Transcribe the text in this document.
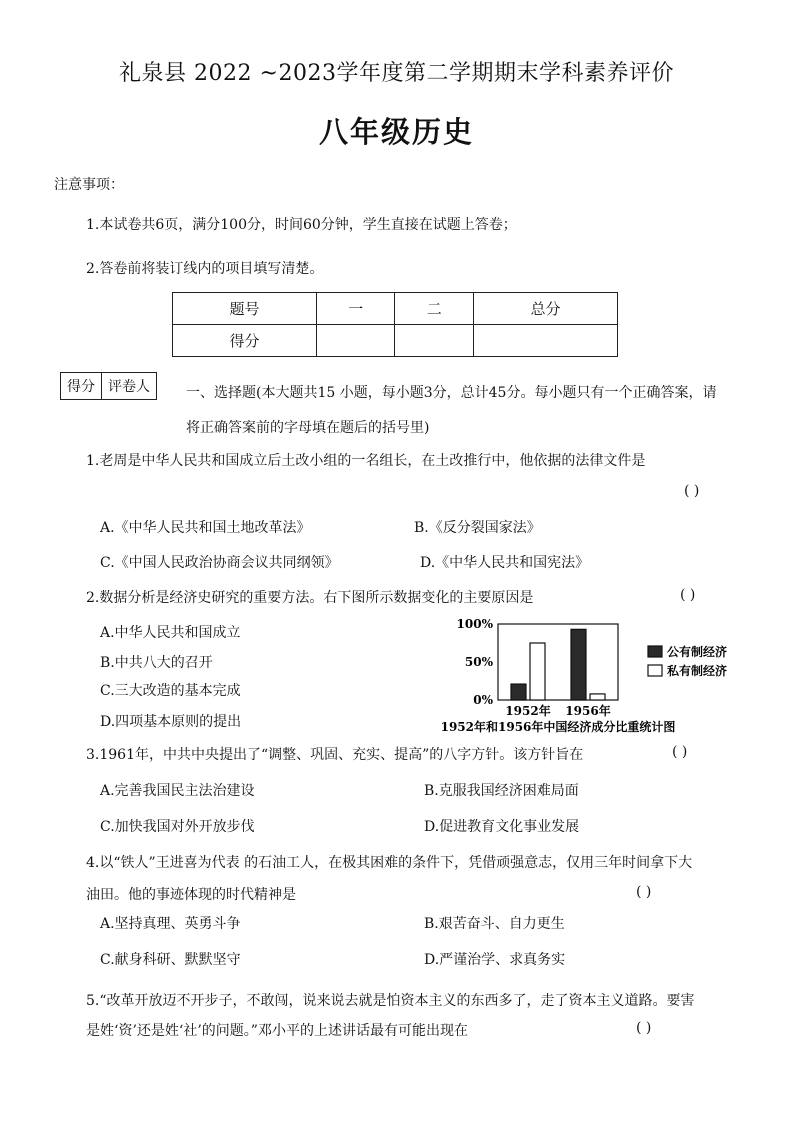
礼泉县 2022 ~2023学年度第二学期期末学科素养评价
八年级历史
注意事项：
1.本试卷共6页，满分100分，时间60分钟，学生直接在试题上答卷；
2.答卷前将装订线内的项目填写清楚。
题号	一	二	总分
得分			
得分	评卷人	一、选择题(本大题共15 小题，每小题3分，总计45分。每小题只有一个正确答案，请
将正确答案前的字母填在题后的括号里)
1.老周是中华人民共和国成立后土改小组的一名组长，在土改推行中，他依据的法律文件是
( )
A.《中华人民共和国土地改革法》	B.《反分裂国家法》
C.《中国人民政治协商会议共同纲领》	D.《中华人民共和国宪法》
2.数据分析是经济史研究的重要方法。右下图所示数据变化的主要原因是	( )
A.中华人民共和国成立
B.中共八大的召开
C.三大改造的基本完成
D.四项基本原则的提出
100%
50%
0%
1952年 1956年
公有制经济
私有制经济
1952年和1956年中国经济成分比重统计图
3.1961年，中共中央提出了“调整、巩固、充实、提高”的八字方针。该方针旨在	( )
A.完善我国民主法治建设	B.克服我国经济困难局面
C.加快我国对外开放步伐	D.促进教育文化事业发展
4.以“铁人”王进喜为代表 的石油工人，在极其困难的条件下，凭借顽强意志，仅用三年时间拿下大
油田。他的事迹体现的时代精神是	( )
A.坚持真理、英勇斗争	B.艰苦奋斗、自力更生
C.献身科研、默默坚守	D.严谨治学、求真务实
5.“改革开放迈不开步子，不敢闯，说来说去就是怕资本主义的东西多了，走了资本主义道路。要害
是姓‘资’还是姓‘社’的问题。”邓小平的上述讲话最有可能出现在	( )
